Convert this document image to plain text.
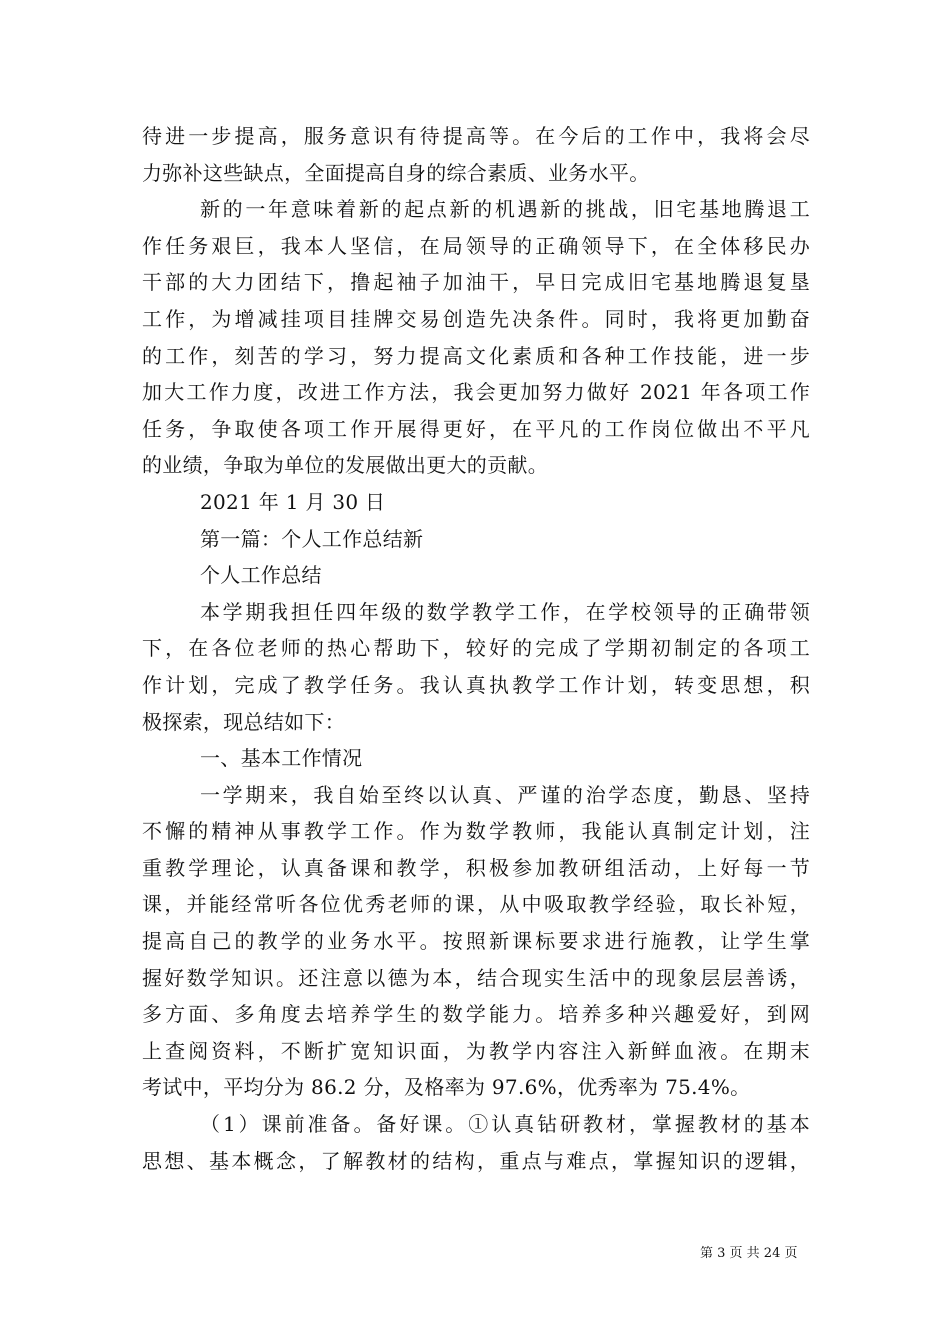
待进一步提高，服务意识有待提高等。在今后的工作中，我将会尽
力弥补这些缺点，全面提高自身的综合素质、业务水平。
新的一年意味着新的起点新的机遇新的挑战，旧宅基地腾退工
作任务艰巨，我本人坚信，在局领导的正确领导下，在全体移民办
干部的大力团结下，撸起袖子加油干，早日完成旧宅基地腾退复垦
工作，为增减挂项目挂牌交易创造先决条件。同时，我将更加勤奋
的工作，刻苦的学习，努力提高文化素质和各种工作技能，进一步
加大工作力度，改进工作方法，我会更加努力做好 2021 年各项工作
任务，争取使各项工作开展得更好，在平凡的工作岗位做出不平凡
的业绩，争取为单位的发展做出更大的贡献。
2021 年 1 月 30 日
第一篇：个人工作总结新
个人工作总结
本学期我担任四年级的数学教学工作，在学校领导的正确带领
下，在各位老师的热心帮助下，较好的完成了学期初制定的各项工
作计划，完成了教学任务。我认真执教学工作计划，转变思想，积
极探索，现总结如下：
一、基本工作情况
一学期来，我自始至终以认真、严谨的治学态度，勤恳、坚持
不懈的精神从事教学工作。作为数学教师，我能认真制定计划，注
重教学理论，认真备课和教学，积极参加教研组活动，上好每一节
课，并能经常听各位优秀老师的课，从中吸取教学经验，取长补短，
提高自己的教学的业务水平。按照新课标要求进行施教，让学生掌
握好数学知识。还注意以德为本，结合现实生活中的现象层层善诱，
多方面、多角度去培养学生的数学能力。培养多种兴趣爱好，到网
上查阅资料，不断扩宽知识面，为教学内容注入新鲜血液。在期末
考试中，平均分为 86.2 分，及格率为 97.6%，优秀率为 75.4%。
（1）课前准备。备好课。①认真钻研教材，掌握教材的基本
思想、基本概念，了解教材的结构，重点与难点，掌握知识的逻辑，
第 3 页 共 24 页
